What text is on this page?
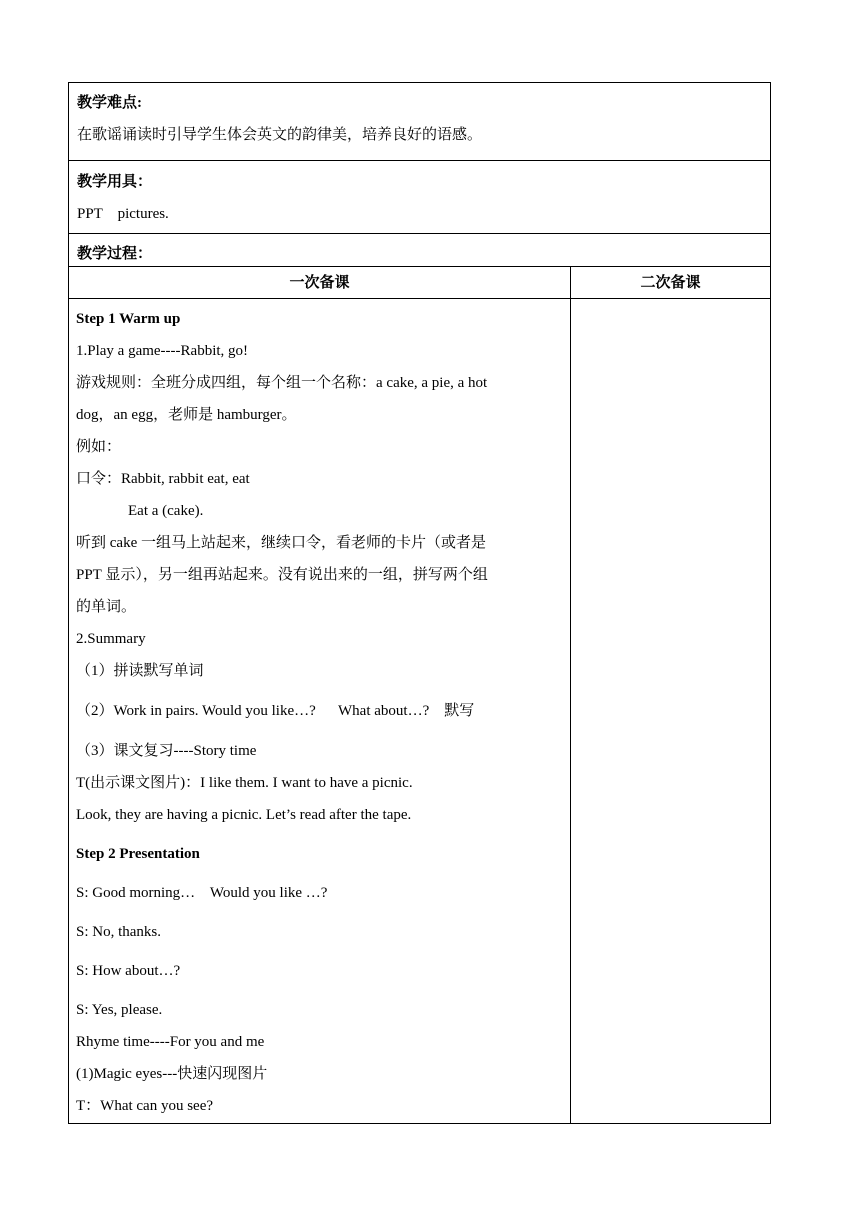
教学难点:
在歌谣诵读时引导学生体会英文的韵律美，培养良好的语感。
教学用具：
PPT    pictures.
教学过程：
一次备课
Step 1 Warm up
1.Play a game----Rabbit, go!
游戏规则：全班分成四组，每个组一个名称：a cake, a pie, a hot
dog，an egg，老师是 hamburger。
例如：
口令：Rabbit, rabbit eat, eat
Eat a (cake).
听到 cake 一组马上站起来，继续口令，看老师的卡片（或者是
PPT 显示），另一组再站起来。没有说出来的一组，拼写两个组
的单词。
2.Summary
（1）拼读默写单词
（2）Work in pairs. Would you like…?      What about…?    默写
（3）课文复习----Story time
T(出示课文图片)：I like them. I want to have a picnic.
Look, they are having a picnic. Let’s read after the tape.
Step 2 Presentation
S: Good morning…    Would you like …?
S: No, thanks.
S: How about…?
S: Yes, please.
Rhyme time----For you and me
(1)Magic eyes---快速闪现图片
T：What can you see?
二次备课
